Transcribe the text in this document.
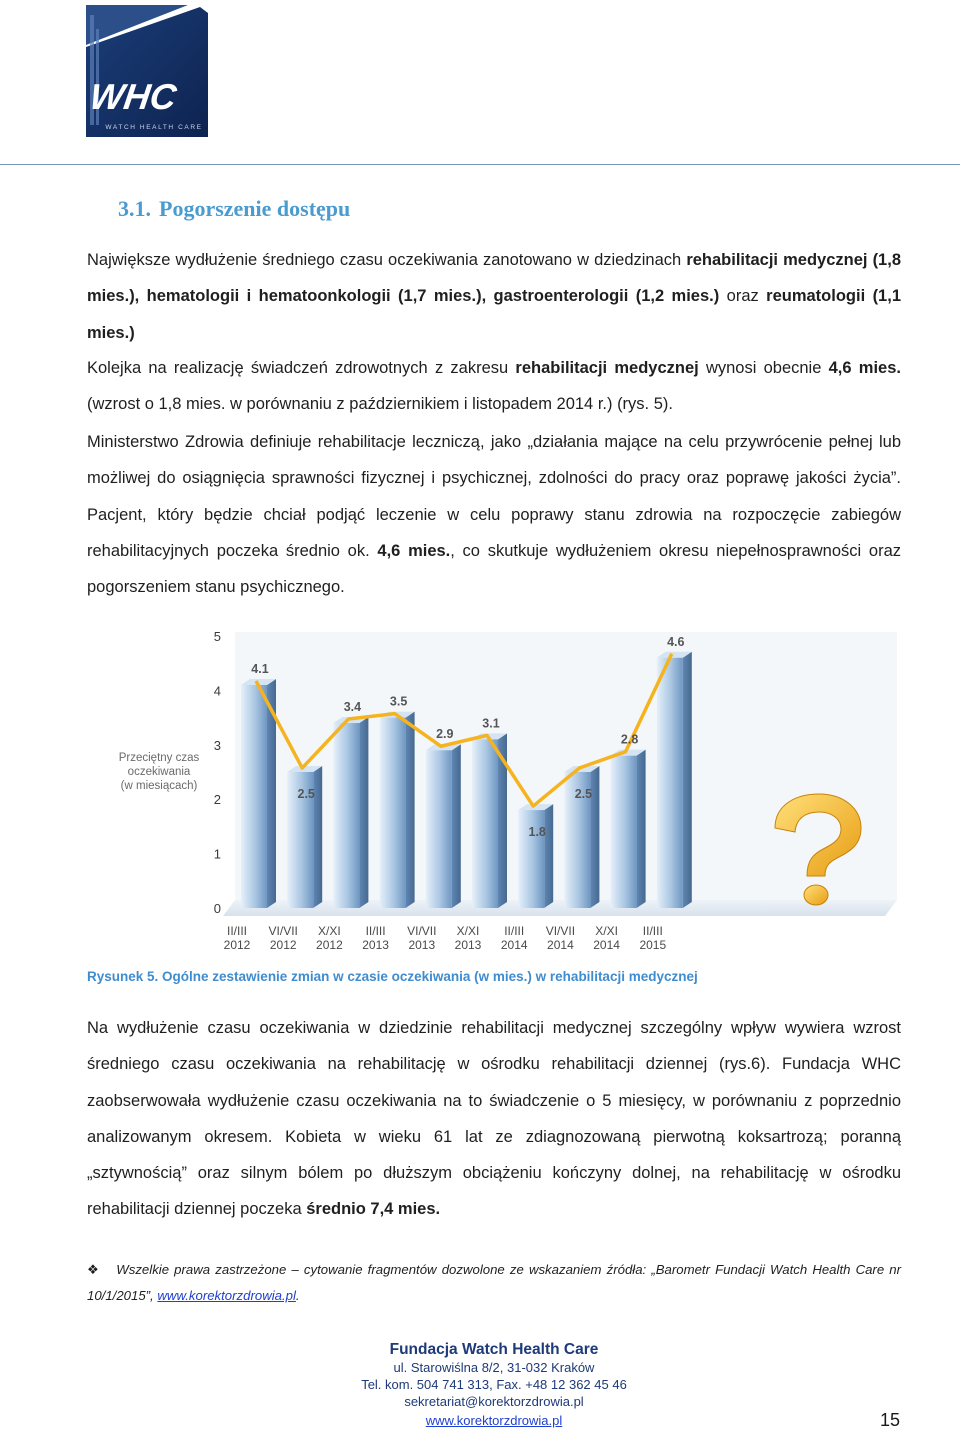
WHC
WATCH HEALTH CARE
3.1. Pogorszenie dostępu

Największe wydłużenie średniego czasu oczekiwania zanotowano w dziedzinach rehabilitacji medycznej (1,8 mies.), hematologii i hematoonkologii (1,7 mies.), gastroenterologii (1,2 mies.) oraz reumatologii (1,1 mies.)

Kolejka na realizację świadczeń zdrowotnych z zakresu rehabilitacji medycznej wynosi obecnie 4,6 mies. (wzrost o 1,8 mies. w porównaniu z październikiem i listopadem 2014 r.) (rys. 5).

Ministerstwo Zdrowia definiuje rehabilitacje leczniczą, jako „działania mające na celu przywrócenie pełnej lub możliwej do osiągnięcia sprawności fizycznej i psychicznej, zdolności do pracy oraz poprawę jakości życia”. Pacjent, który będzie chciał podjąć leczenie w celu poprawy stanu zdrowia na rozpoczęcie zabiegów rehabilitacyjnych poczeka średnio ok. 4,6 mies., co skutkuje wydłużeniem okresu niepełnosprawności oraz pogorszeniem stanu psychicznego.

0
1
2
3
4
5
Przeciętny czas
oczekiwania
(w miesiącach)
4.1
2.5
3.4 3.5
2.9
3.1
1.8
2.5
2.8
4.6
II/III
2012
VI/VII
2012
X/XI
2012
II/III
2013
VI/VII
2013
X/XI
2013
II/III
2014
VI/VII
2014
X/XI
2014
II/III
2015

Rysunek 5. Ogólne zestawienie zmian w czasie oczekiwania (w mies.) w rehabilitacji medycznej

Na wydłużenie czasu oczekiwania w dziedzinie rehabilitacji medycznej szczególny wpływ wywiera wzrost średniego czasu oczekiwania na rehabilitację w ośrodku rehabilitacji dziennej (rys.6). Fundacja WHC zaobserwowała wydłużenie czasu oczekiwania na to świadczenie o 5 miesięcy, w porównaniu z poprzednio analizowanym okresem. Kobieta w wieku 61 lat ze zdiagnozowaną pierwotną koksartrozą; poranną „sztywnością” oraz silnym bólem po dłuższym obciążeniu kończyny dolnej, na rehabilitację w ośrodku rehabilitacji dziennej poczeka średnio 7,4 mies.

❖ Wszelkie prawa zastrzeżone – cytowanie fragmentów dozwolone ze wskazaniem źródła: „Barometr Fundacji Watch Health Care nr 10/1/2015”, www.korektorzdrowia.pl.

Fundacja Watch Health Care
ul. Starowiślna 8/2, 31-032 Kraków
Tel. kom. 504 741 313, Fax. +48 12 362 45 46
sekretariat@korektorzdrowia.pl
www.korektorzdrowia.pl	15
